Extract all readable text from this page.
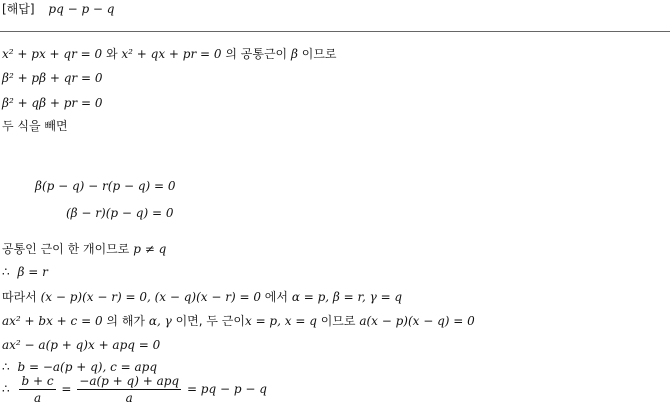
[해답] pq − p − q
x² + px + qr = 0 와 x² + qx + pr = 0 의 공통근이 β 이므로
β² + pβ + qr = 0
β² + qβ + pr = 0
두 식을 빼면
β(p − q) − r(p − q) = 0
(β − r)(p − q) = 0
공통인 근이 한 개이므로 p ≠ q
∴ β = r
따라서 (x − p)(x − r) = 0, (x − q)(x − r) = 0 에서 α = p, β = r, γ = q
ax² + bx + c = 0 의 해가 α, γ 이면, 두 근이x = p, x = q 이므로 a(x − p)(x − q) = 0
ax² − a(p + q)x + apq = 0
∴ b = −a(p + q), c = apq
∴ $\frac{b + c}{a} = \frac{\text{−a(p + q) + apq}}{a}$ = pq − p − q
